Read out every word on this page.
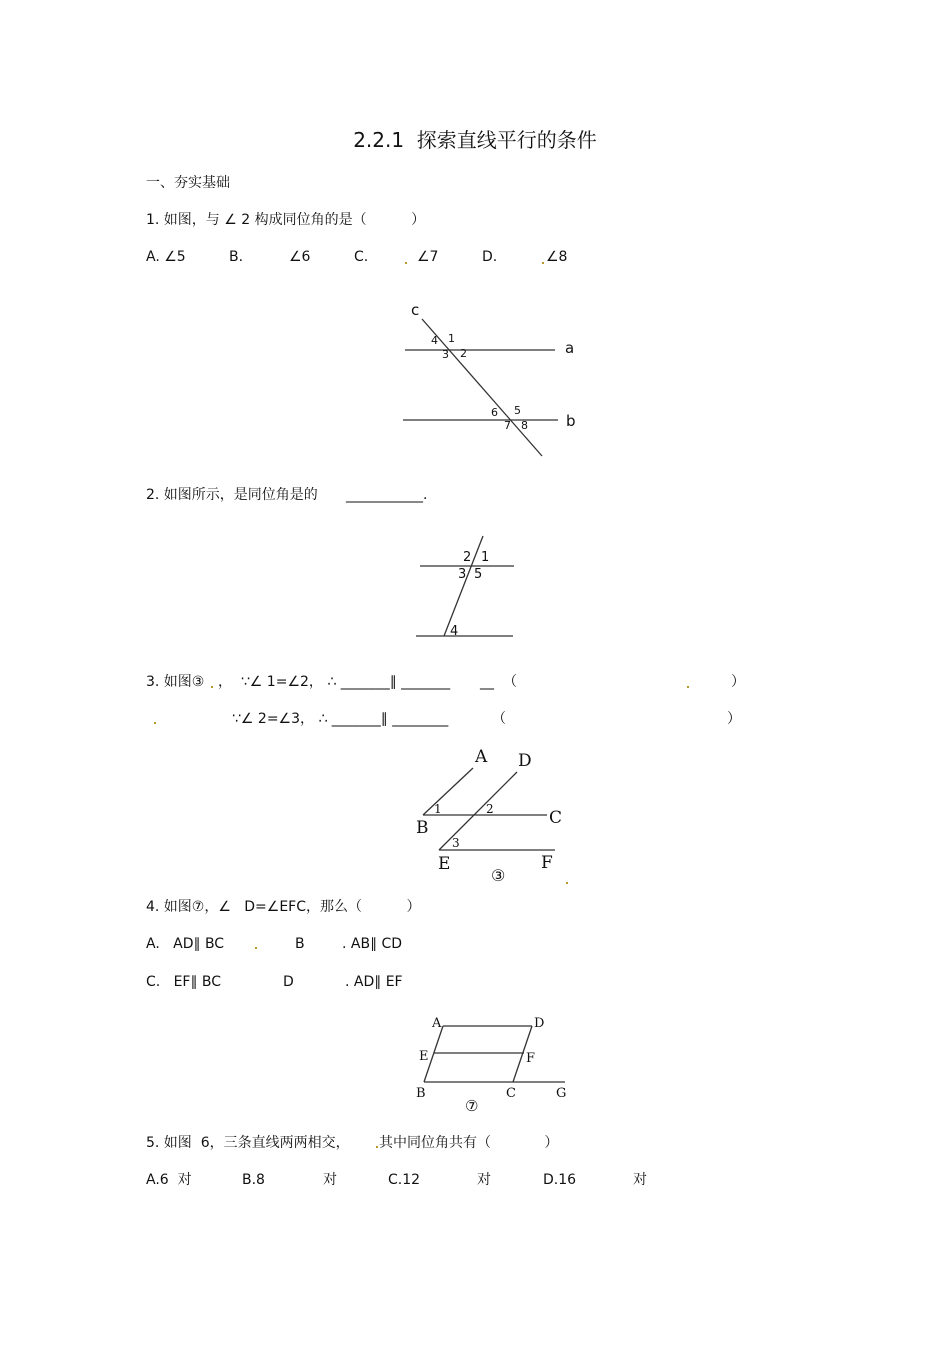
2.2.1  探索直线平行的条件
一、夯实基础
1. 如图，与 ∠ 2 构成同位角的是（          ）
A. ∠5	B.	∠6	C.	∠7	D.	∠8
c
a
b
4 1
3 2
6 5
7 8
2. 如图所示，是同位角是的 ___________.
2 1
3 5
4
3. 如图③ ，  ∵∠ 1=∠2， ∴ _______∥ _______ __ （	）
∵∠ 2=∠3， ∴ _______∥ ________	（	）
A D
B	C
E	F
1	2
3
③
4. 如图⑦，∠   D=∠EFC，那么（          ）
A.   AD∥ BC	B	. AB∥ CD
C.   EF∥ BC	D	. AD∥ EF
A	D
E	F
B	C	G
⑦
5. 如图  6，三条直线两两相交， 其中同位角共有（            ）
A.6  对	B.8	对	C.12	对	D.16	对
